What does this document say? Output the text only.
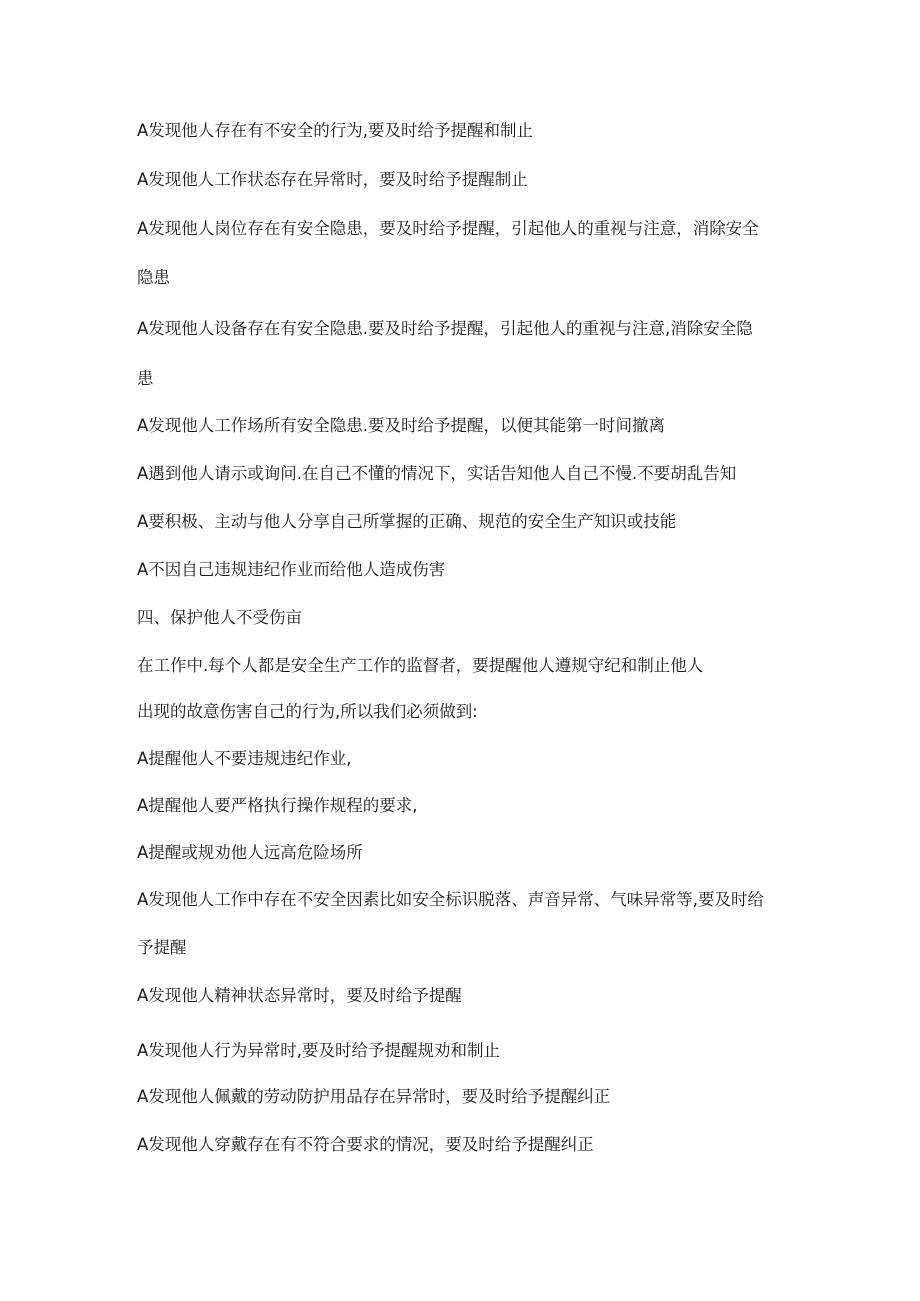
A发现他人存在有不安全的行为,要及时给予提醒和制止
A发现他人工作状态存在异常时，要及时给予提醒制止
A发现他人岗位存在有安全隐患，要及时给予提醒，引起他人的重视与注意，消除安全
隐患
A发现他人设备存在有安全隐患.要及时给予提醒，引起他人的重视与注意,消除安全隐
患
A发现他人工作场所有安全隐患.要及时给予提醒，以便其能第一时间撤离
A遇到他人请示或询问.在自己不懂的情况下，实话告知他人自己不慢.不要胡乱告知
A要积极、主动与他人分享自己所掌握的正确、规范的安全生产知识或技能
A不因自己违规违纪作业而给他人造成伤害
四、保护他人不受伤亩
在工作中.每个人都是安全生产工作的监督者，要提醒他人遵规守纪和制止他人
出现的故意伤害自己的行为,所以我们必须做到:
A提醒他人不要违规违纪作业,
A提醒他人要严格执行操作规程的要求,
A提醒或规劝他人远高危险场所
A发现他人工作中存在不安全因素比如安全标识脱落、声音异常、气味异常等,要及时给
予提醒
A发现他人精神状态异常时，要及时给予提醒
A发现他人行为异常时,要及时给予提醒规劝和制止
A发现他人佩戴的劳动防护用品存在异常时，要及时给予提醒纠正
A发现他人穿戴存在有不符合要求的情况，要及时给予提醒纠正
